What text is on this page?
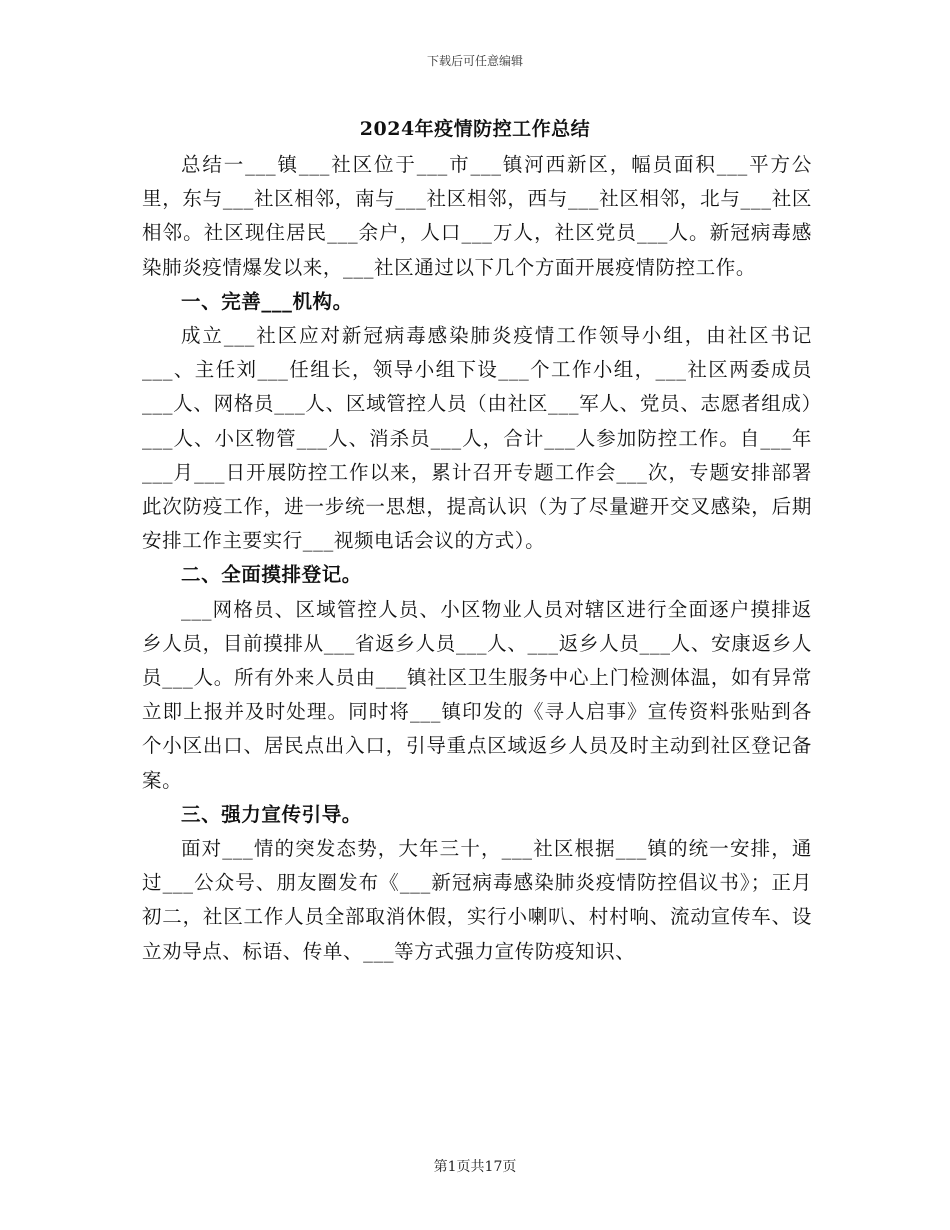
下载后可任意编辑
2024年疫情防控工作总结

总结一___镇___社区位于___市___镇河西新区，幅员面积___平方公里，东与___社区相邻，南与___社区相邻，西与___社区相邻，北与___社区相邻。社区现住居民___余户，人口___万人，社区党员___人。新冠病毒感染肺炎疫情爆发以来，___社区通过以下几个方面开展疫情防控工作。

一、完善___机构。

成立___社区应对新冠病毒感染肺炎疫情工作领导小组，由社区书记___、主任刘___任组长，领导小组下设___个工作小组，___社区两委成员___人、网格员___人、区域管控人员（由社区___军人、党员、志愿者组成）___人、小区物管___人、消杀员___人，合计___人参加防控工作。自___年___月___日开展防控工作以来，累计召开专题工作会___次，专题安排部署此次防疫工作，进一步统一思想，提高认识（为了尽量避开交叉感染，后期安排工作主要实行___视频电话会议的方式）。

二、全面摸排登记。

___网格员、区域管控人员、小区物业人员对辖区进行全面逐户摸排返乡人员，目前摸排从___省返乡人员___人、___返乡人员___人、安康返乡人员___人。所有外来人员由___镇社区卫生服务中心上门检测体温，如有异常立即上报并及时处理。同时将___镇印发的《寻人启事》宣传资料张贴到各个小区出口、居民点出入口，引导重点区域返乡人员及时主动到社区登记备案。

三、强力宣传引导。

面对___情的突发态势，大年三十，___社区根据___镇的统一安排，通过___公众号、朋友圈发布《___新冠病毒感染肺炎疫情防控倡议书》；正月初二，社区工作人员全部取消休假，实行小喇叭、村村响、流动宣传车、设立劝导点、标语、传单、___等方式强力宣传防疫知识、

第1页共17页
